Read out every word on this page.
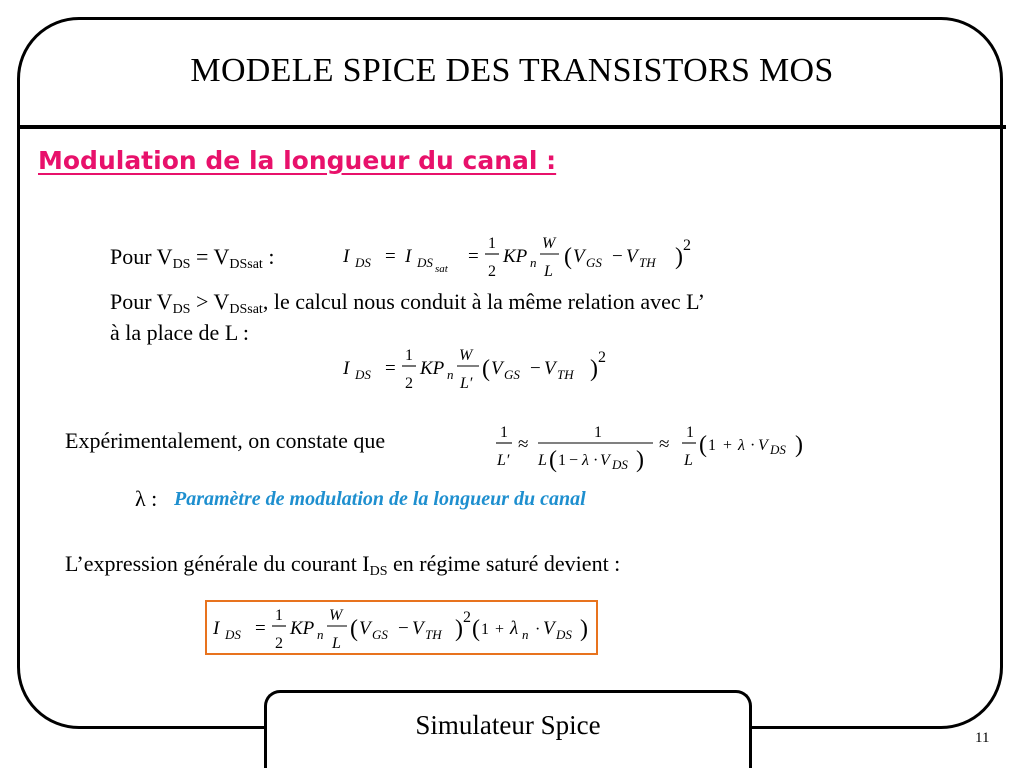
MODELE SPICE DES TRANSISTORS MOS
Modulation de la longueur du canal :
Pour $V_{DS} = V_{DSsat}$ :	I DS = I DS sat
=
1
2
KP n
W
L
( V GS − V TH ) 2
Pour $V_{DS} > V_{DSsat}$, le calcul nous conduit à la même relation avec L’
à la place de L :
I DS =
1
2
KP n
W
L′
( V GS − V TH ) 2
Expérimentalement, on constate que	1
L′
≈
1
L ( 1 − λ · V DS )
≈
1
L
( 1 + λ · V DS )
λ : Paramètre de modulation de la longueur du canal
L’expression générale du courant $I_{DS}$ en régime saturé devient :
I DS =
1
2
KP n
W
L
( V GS − V TH ) 2 ( 1 + λ n · V DS )
Simulateur Spice	11
